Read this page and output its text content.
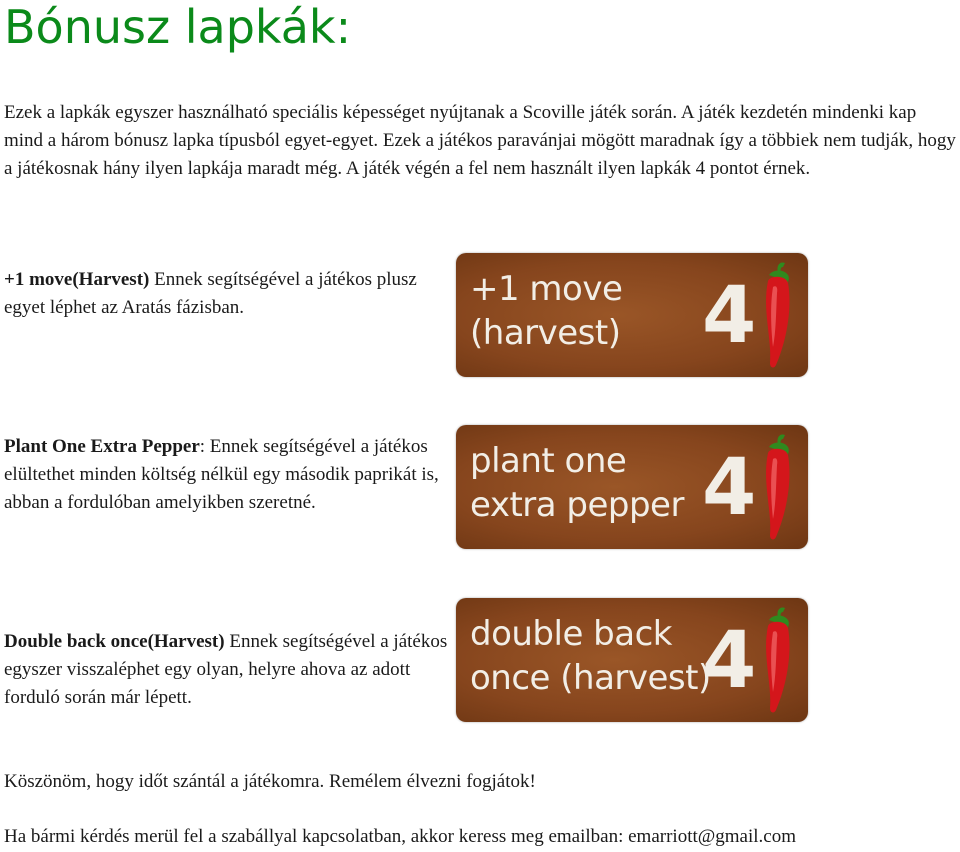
Bónusz lapkák:

Ezek a lapkák egyszer használható speciális képességet nyújtanak a Scoville játék során. A játék kezdetén mindenki kap mind a három bónusz lapka típusból egyet-egyet. Ezek a játékos paravánjai mögött maradnak így a többiek nem tudják, hogy a játékosnak hány ilyen lapkája maradt még. A játék végén a fel nem használt ilyen lapkák 4 pontot érnek.

+1 move(Harvest) Ennek segítségével a játékos plusz egyet léphet az Aratás fázisban.	+1 move
(harvest)	4

Plant One Extra Pepper: Ennek segítségével a játékos elültethet minden költség nélkül egy második paprikát is, abban a fordulóban amelyikben szeretné.

plant one
extra pepper 4

Double back once(Harvest) Ennek segítségével a játékos egyszer visszaléphet egy olyan, helyre ahova az adott forduló során már lépett.

double back
once (harvest)
4

Köszönöm, hogy időt szántál a játékomra. Remélem élvezni fogjátok!

Ha bármi kérdés merül fel a szabállyal kapcsolatban, akkor keress meg emailban: emarriott@gmail.com
